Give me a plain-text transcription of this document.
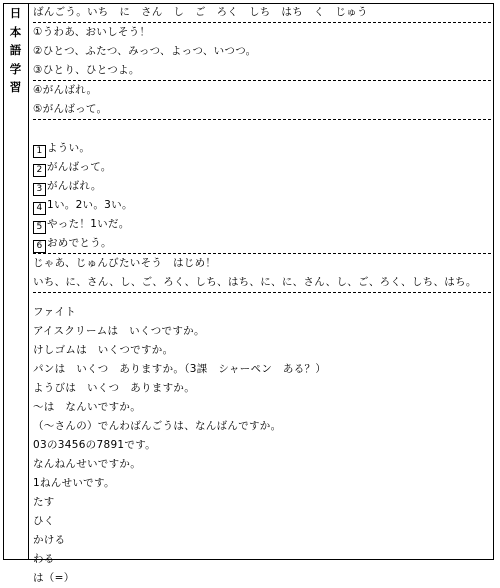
日
本
語
学
習
ばんごう。いち　に　さん　し　ご　ろく　しち　はち　く　じゅう
①うわあ、おいしそう！
②ひとつ、ふたつ、みっつ、よっつ、いつつ。
③ひとり、ひとつよ。
④がんばれ。
⑤がんばって。
1 ようい。
2 がんばって。
3 がんばれ。
4 1い。2い。3い。
5 やった！1いだ。
6 おめでとう。
じゃあ、じゅんびたいそう　はじめ！
いち、に、さん、し、ご、ろく、しち、はち、に、に、さん、し、ご、ろく、しち、はち。
ファイト
アイスクリームは　いくつですか。
けしゴムは　いくつですか。
パンは　いくつ　ありますか。（3課　シャーペン　ある？）
ようびは　いくつ　ありますか。
～は　なんいですか。
（～さんの）でんわばんごうは、なんばんですか。
03の3456の7891です。
なんねんせいですか。
1ねんせいです。
たす
ひく
かける
わる
は（=）
